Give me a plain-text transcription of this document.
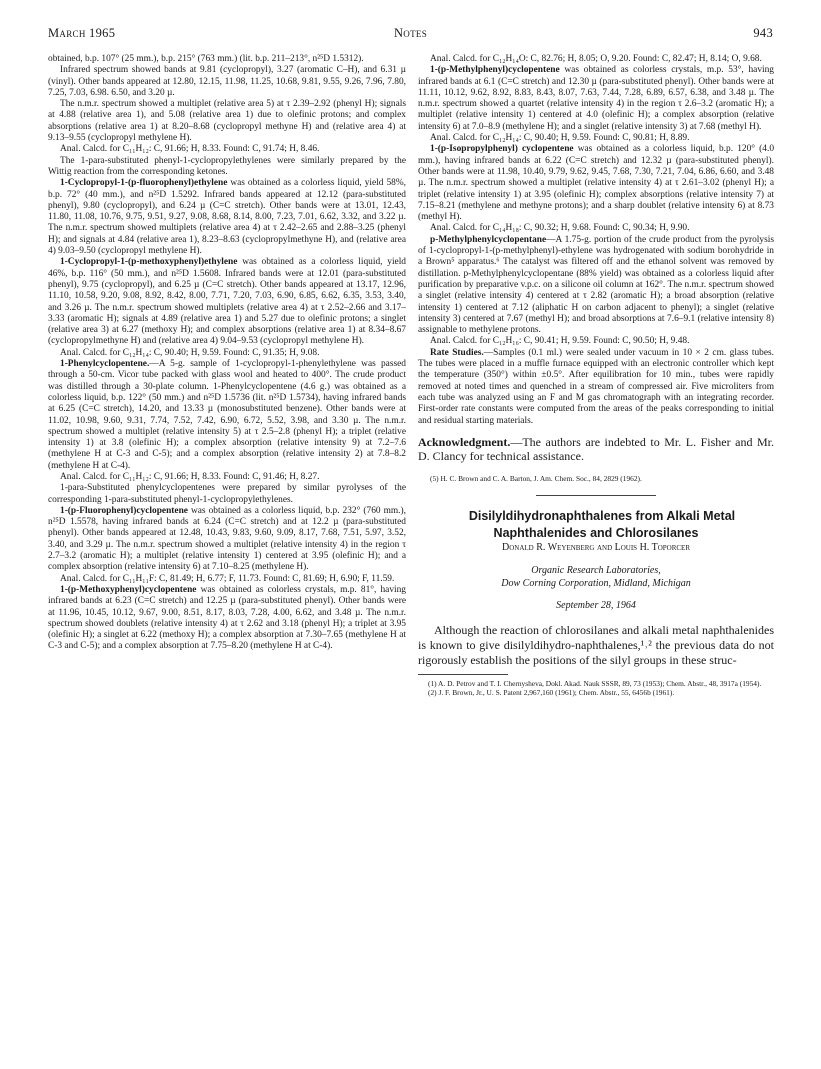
March 1965	Notes	943

obtained, b.p. 107° (25 mm.), b.p. 215° (763 mm.) (lit. b.p. 211–213°, n²⁵D 1.5312).

Infrared spectrum showed bands at 9.81 (cyclopropyl), 3.27 (aromatic C–H), and 6.31 µ (vinyl). Other bands appeared at 12.80, 12.15, 11.98, 11.25, 10.68, 9.81, 9.55, 9.26, 7.96, 7.80, 7.25, 7.03, 6.98. 6.50, and 3.20 µ.

The n.m.r. spectrum showed a multiplet (relative area 5) at τ 2.39–2.92 (phenyl H); signals at 4.88 (relative area 1), and 5.08 (relative area 1) due to olefinic protons; and complex absorptions (relative area 1) at 8.20–8.68 (cyclopropyl methyne H) and (relative area 4) at 9.13–9.55 (cyclopropyl methylene H).

Anal. Calcd. for C₁₁H₁₂: C, 91.66; H, 8.33. Found: C, 91.74; H, 8.46.

The 1-para-substituted phenyl-1-cyclopropylethylenes were similarly prepared by the Wittig reaction from the corresponding ketones.

1-Cyclopropyl-1-(p-fluorophenyl)ethylene was obtained as a colorless liquid, yield 58%, b.p. 72° (40 mm.), and n²⁵D 1.5292. Infrared bands appeared at 12.12 (para-substituted phenyl), 9.80 (cyclopropyl), and 6.24 µ (C=C stretch). Other bands were at 13.01, 12.43, 11.80, 11.08, 10.76, 9.75, 9.51, 9.27, 9.08, 8.68, 8.14, 8.00, 7.23, 7.01, 6.62, 3.32, and 3.22 µ. The n.m.r. spectrum showed multiplets (relative area 4) at τ 2.42–2.65 and 2.88–3.25 (phenyl H); and signals at 4.84 (relative area 1), 8.23–8.63 (cyclopropylmethyne H), and (relative area 4) 9.03–9.50 (cyclopropyl methylene H).

1-Cyclopropyl-1-(p-methoxyphenyl)ethylene was obtained as a colorless liquid, yield 46%, b.p. 116° (50 mm.), and n²⁵D 1.5608. Infrared bands were at 12.01 (para-substituted phenyl), 9.75 (cyclopropyl), and 6.25 µ (C=C stretch). Other bands appeared at 13.17, 12.96, 11.10, 10.58, 9.20, 9.08, 8.92, 8.42, 8.00, 7.71, 7.20, 7.03, 6.90, 6.85, 6.62, 6.35, 3.53, 3.40, and 3.26 µ. The n.m.r. spectrum showed multiplets (relative area 4) at τ 2.52–2.66 and 3.17–3.33 (aromatic H); signals at 4.89 (relative area 1) and 5.27 due to olefinic protons; a singlet (relative area 3) at 6.27 (methoxy H); and complex absorptions (relative area 1) at 8.34–8.67 (cyclopropylmethyne H) and (relative area 4) 9.04–9.53 (cyclopropyl methylene H).

Anal. Calcd. for C₁₂H₁₄: C, 90.40; H, 9.59. Found: C, 91.35; H, 9.08.

1-Phenylcyclopentene.—A 5-g. sample of 1-cyclopropyl-1-phenylethylene was passed through a 50-cm. Vicor tube packed with glass wool and heated to 400°. The crude product was distilled through a 30-plate column. 1-Phenylcyclopentene (4.6 g.) was obtained as a colorless liquid, b.p. 122° (50 mm.) and n²⁵D 1.5736 (lit. n²⁵D 1.5734), having infrared bands at 6.25 (C=C stretch), 14.20, and 13.33 µ (monosubstituted benzene). Other bands were at 11.02, 10.98, 9.60, 9.31, 7.74, 7.52, 7.42, 6.90, 6.72, 5.52, 3.98, and 3.30 µ. The n.m.r. spectrum showed a multiplet (relative intensity 5) at τ 2.5–2.8 (phenyl H); a triplet (relative intensity 1) at 3.8 (olefinic H); a complex absorption (relative intensity 9) at 7.2–7.6 (methylene H at C-3 and C-5); and a complex absorption (relative intensity 2) at 7.8–8.2 (methylene H at C-4).

Anal. Calcd. for C₁₁H₁₂: C, 91.66; H, 8.33. Found: C, 91.46; H, 8.27.

1-para-Substituted phenylcyclopentenes were prepared by similar pyrolyses of the corresponding 1-para-substituted phenyl-1-cyclopropylethylenes.

1-(p-Fluorophenyl)cyclopentene was obtained as a colorless liquid, b.p. 232° (760 mm.), n²⁵D 1.5578, having infrared bands at 6.24 (C=C stretch) and at 12.2 µ (para-substituted phenyl). Other bands appeared at 12.48, 10.43, 9.83, 9.60, 9.09, 8.17, 7.68, 7.51, 5.97, 3.52, 3.40, and 3.29 µ. The n.m.r. spectrum showed a multiplet (relative intensity 4) in the region τ 2.7–3.2 (aromatic H); a multiplet (relative intensity 1) centered at 3.95 (olefinic H); and a complex absorption (relative intensity 6) at 7.10–8.25 (methylene H).

Anal. Calcd. for C₁₁H₁₁F: C, 81.49; H, 6.77; F, 11.73. Found: C, 81.69; H, 6.90; F, 11.59.

1-(p-Methoxyphenyl)cyclopentene was obtained as colorless crystals, m.p. 81°, having infrared bands at 6.23 (C=C stretch) and 12.25 µ (para-substituted phenyl). Other bands were at 11.96, 10.45, 10.12, 9.67, 9.00, 8.51, 8.17, 8.03, 7.28, 4.00, 6.62, and 3.48 µ. The n.m.r. spectrum showed doublets (relative intensity 4) at τ 2.62 and 3.18 (phenyl H); a triplet at 3.95 (olefinic H); a singlet at 6.22 (methoxy H); a complex absorption at 7.30–7.65 (methylene H at C-3 and C-5); and a complex absorption at 7.75–8.20 (methylene H at C-4).

Anal. Calcd. for C₁₂H₁₄O: C, 82.76; H, 8.05; O, 9.20. Found: C, 82.47; H, 8.14; O, 9.68.

1-(p-Methylphenyl)cyclopentene was obtained as colorless crystals, m.p. 53°, having infrared bands at 6.1 (C=C stretch) and 12.30 µ (para-substituted phenyl). Other bands were at 11.11, 10.12, 9.62, 8.92, 8.83, 8.43, 8.07, 7.63, 7.44, 7.28, 6.89, 6.57, 6.38, and 3.48 µ. The n.m.r. spectrum showed a quartet (relative intensity 4) in the region τ 2.6–3.2 (aromatic H); a multiplet (relative intensity 1) centered at 4.0 (olefinic H); a complex absorption (relative intensity 6) at 7.0–8.9 (methylene H); and a singlet (relative intensity 3) at 7.68 (methyl H).

Anal. Calcd. for C₁₂H₁₄: C, 90.40; H, 9.59. Found: C, 90.81; H, 8.89.

1-(p-Isopropylphenyl) cyclopentene was obtained as a colorless liquid, b.p. 120° (4.0 mm.), having infrared bands at 6.22 (C=C stretch) and 12.32 µ (para-substituted phenyl). Other bands were at 11.98, 10.40, 9.79, 9.62, 9.45, 7.68, 7.30, 7.21, 7.04, 6.86, 6.60, and 3.48 µ. The n.m.r. spectrum showed a multiplet (relative intensity 4) at τ 2.61–3.02 (phenyl H); a triplet (relative intensity 1) at 3.95 (olefinic H); complex absorptions (relative intensity 7) at 7.15–8.21 (methylene and methyne protons); and a sharp doublet (relative intensity 6) at 8.73 (methyl H).

Anal. Calcd. for C₁₄H₁₈: C, 90.32; H, 9.68. Found: C, 90.34; H, 9.90.

p-Methylphenylcyclopentane—A 1.75-g. portion of the crude product from the pyrolysis of 1-cyclopropyl-1-(p-methylphenyl)-ethylene was hydrogenated with sodium borohydride in a Brown⁵ apparatus.⁶ The catalyst was filtered off and the ethanol solvent was removed by distillation. p-Methylphenylcyclopentane (88% yield) was obtained as a colorless liquid after purification by preparative v.p.c. on a silicone oil column at 162°. The n.m.r. spectrum showed a singlet (relative intensity 4) centered at τ 2.82 (aromatic H); a broad absorption (relative intensity 1) centered at 7.12 (aliphatic H on carbon adjacent to phenyl); a singlet (relative intensity 3) centered at 7.67 (methyl H); and broad absorptions at 7.6–9.1 (relative intensity 8) assignable to methylene protons.

Anal. Calcd. for C₁₂H₁₆: C, 90.41; H, 9.59. Found: C, 90.50; H, 9.48.

Rate Studies.—Samples (0.1 ml.) were sealed under vacuum in 10 × 2 cm. glass tubes. The tubes were placed in a muffle furnace equipped with an electronic controller which kept the temperature (350°) within ±0.5°. After equilibration for 10 min., tubes were rapidly removed at noted times and quenched in a stream of compressed air. Five microliters from each tube was analyzed using an F and M gas chromatograph with an integrating recorder. First-order rate constants were computed from the areas of the peaks corresponding to initial and residual starting materials.

Acknowledgment.—The authors are indebted to Mr. L. Fisher and Mr. D. Clancy for technical assistance.

(5) H. C. Brown and C. A. Barton, J. Am. Chem. Soc., 84, 2829 (1962).

Disilyldihydronaphthalenes from Alkali Metal Naphthalenides and Chlorosilanes

Donald R. Weyenberg and Louis H. Toporcer

Organic Research Laboratories,

Dow Corning Corporation, Midland, Michigan

September 28, 1964

Although the reaction of chlorosilanes and alkali metal naphthalenides is known to give disilyldihydro-naphthalenes,¹˒² the previous data do not rigorously establish the positions of the silyl groups in these struc-

(1) A. D. Petrov and T. I. Chernysheva, Dokl. Akad. Nauk SSSR, 89, 73 (1953); Chem. Abstr., 48, 3917a (1954).

(2) J. F. Brown, Jr., U. S. Patent 2,967,160 (1961); Chem. Abstr., 55, 6456b (1961).
